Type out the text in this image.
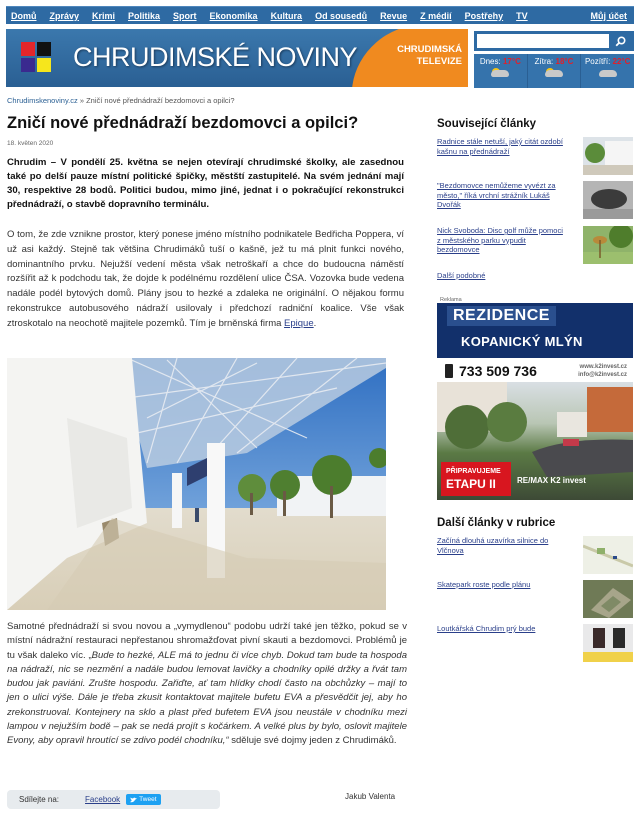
Domů	Zprávy	Krimi	Politika	Sport	Ekonomika	Kultura	Od sousedů	Revue	Z médií	Postřehy	TV	Můj účet
CHRUDIMSKÉ NOVINY	CHRUDIMSKÁ
TELEVIZE	Dnes: 17°C	Zítra: 18°C	Pozítří: 22°C
Chrudimskenoviny.cz » Zničí nové přednádraží bezdomovci a opilci?
Zničí nové přednádraží bezdomovci a opilci?
18. květen 2020

Chrudim – V pondělí 25. května se nejen otevírají chrudimské školky, ale zasednou také po delší pauze místní politické špičky, městští zastupitelé. Na svém jednání mají 30, respektive 28 bodů. Politici budou, mimo jiné, jednat i o pokračující rekonstrukci přednádraží, o stavbě dopravního terminálu.

O tom, že zde vznikne prostor, který ponese jméno místního podnikatele Bedřicha Poppera, ví už asi každý. Stejně tak většina Chrudimáků tuší o kašně, jež tu má plnit funkci nového, dominantního prvku. Nejužší vedení města však netroškaří a chce do budoucna náměstí rozšířit až k podchodu tak, že dojde k podélnému rozdělení ulice ČSA. Vozovka bude vedena nadále podél bytových domů. Plány jsou to hezké a zdaleka ne originální. O nějakou formu rekonstrukce autobusového nádraží usilovaly i předchozí radniční koalice. Vše však ztroskotalo na neochotě majitele pozemků. Tím je brněnská firma Epique.

Samotné přednádraží si svou novou a „vymydlenou“ podobu udrží také jen těžko, pokud se v místní nádražní restauraci nepřestanou shromažďovat pivní skauti a bezdomovci. Problémů je tu však daleko víc. „Bude to hezké, ALE má to jednu či více chyb. Dokud tam bude ta hospoda na nádraží, nic se nezmění a nadále budou lemovat lavičky a chodníky opilé držky a řvát tam budou jak paviáni. Zrušte hospodu. Zařiďte, ať tam hlídky chodí často na obchůzky – mají to jen o ulici výše. Dále je třeba zkusit kontaktovat majitele bufetu EVA a přesvědčit jej, aby ho zrekonstruoval. Kontejnery na sklo a plast před bufetem EVA jsou neustále v chodníku mezi lampou v nejužším bodě – pak se nedá projít s kočárkem. A velké plus by bylo, oslovit majitele Evony, aby opravil hroutící se zdivo podél chodníku,“ sděluje své dojmy jeden z Chrudimáků.

Sdílejte na:	Facebook	Tweet	Jakub Valenta
Související články
Radnice stále netuší, jaký citát ozdobí kašnu na přednádraží
"Bezdomovce nemůžeme vyvézt za město," říká vrchní strážník Lukáš Dvořák
Nick Svoboda: Disc golf může pomoci z městského parku vypudit bezdomovce
Další podobné
Reklama
REZIDENCE
KOPANICKÝ MLÝN
733 509 736	www.k2invest.cz
info@k2invest.cz
PŘIPRAVUJEME
ETAPU II	RE/MAX K2 invest
Další články v rubrice
Začíná dlouhá uzavírka silnice do Vlčnova
Skatepark roste podle plánu
Loutkářská Chrudim prý bude
